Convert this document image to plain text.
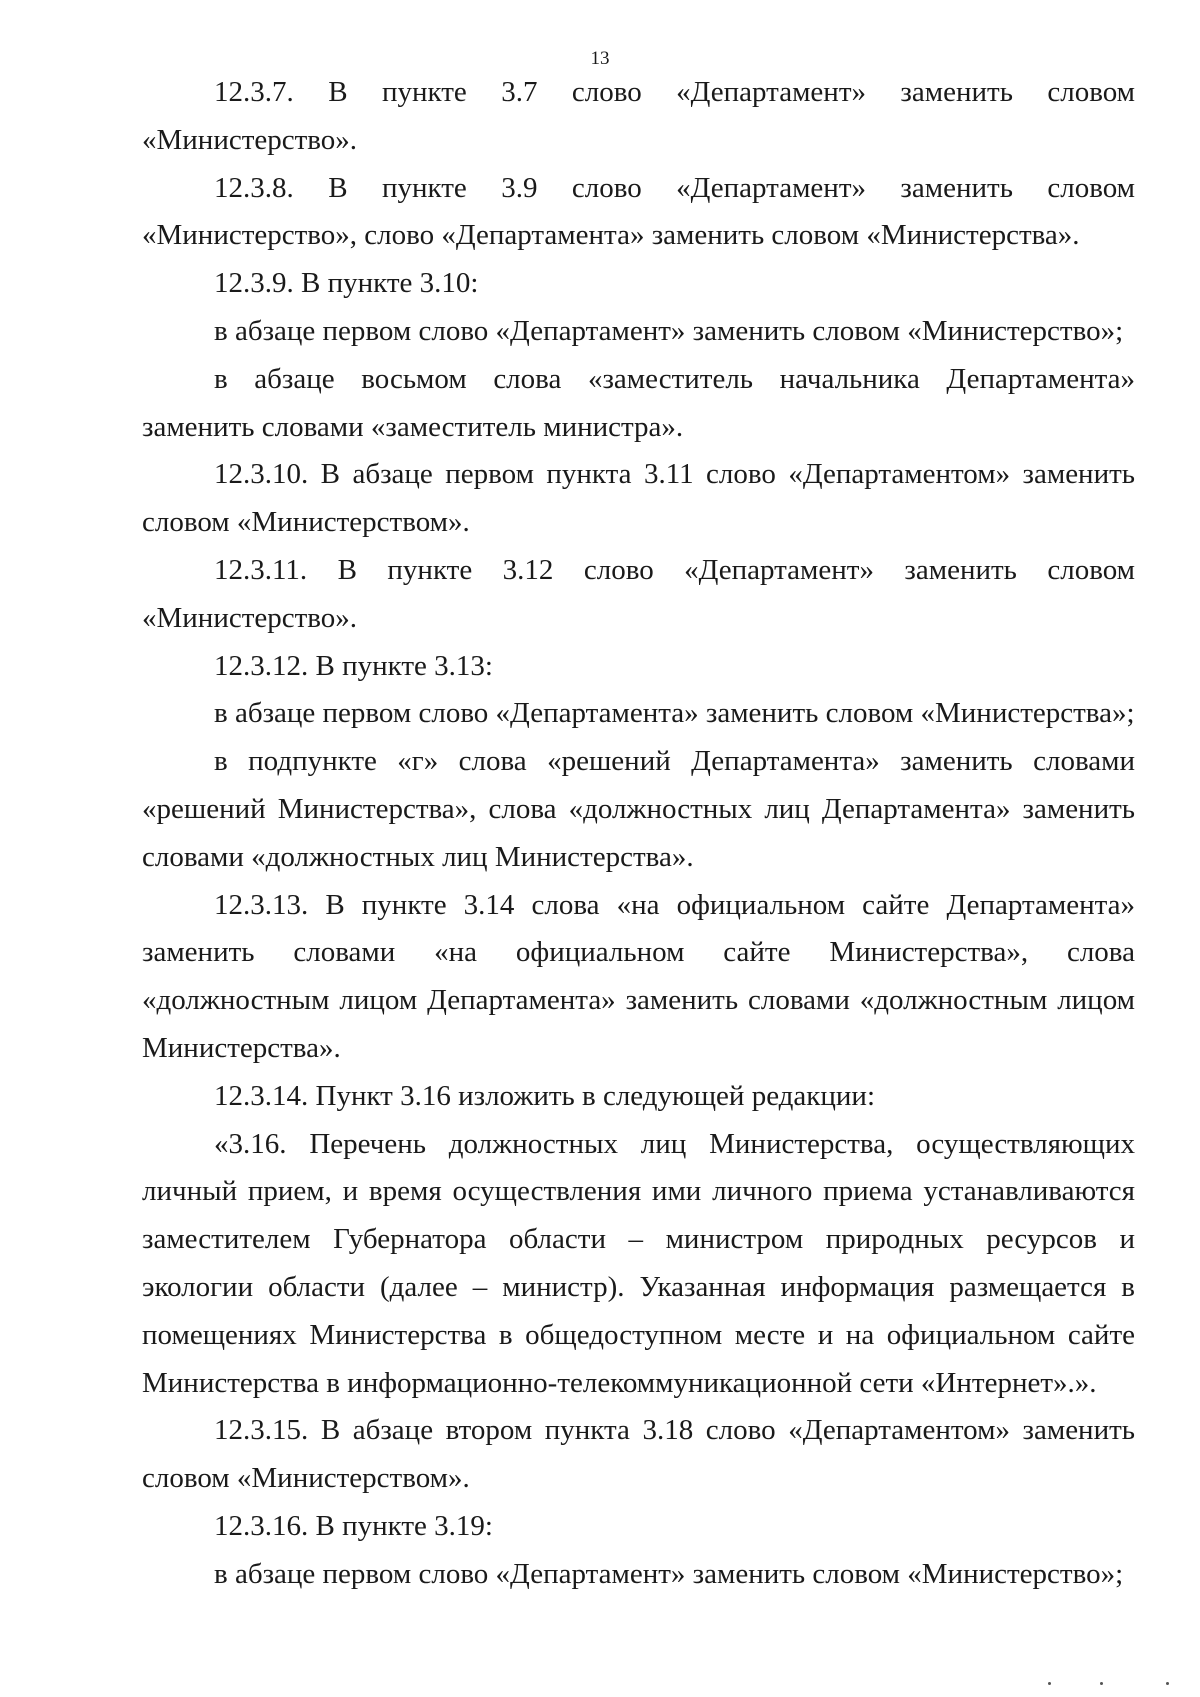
13

12.3.7. В пункте 3.7 слово «Департамент» заменить словом «Министерство».

12.3.8. В пункте 3.9 слово «Департамент» заменить словом «Министерство», слово «Департамента» заменить словом «Министерства».

12.3.9. В пункте 3.10:

в абзаце первом слово «Департамент» заменить словом «Министерство»;

в абзаце восьмом слова «заместитель начальника Департамента» заменить словами «заместитель министра».

12.3.10. В абзаце первом пункта 3.11 слово «Департаментом» заменить словом «Министерством».

12.3.11. В пункте 3.12 слово «Департамент» заменить словом «Министерство».

12.3.12. В пункте 3.13:

в абзаце первом слово «Департамента» заменить словом «Министерства»;

в подпункте «г» слова «решений Департамента» заменить словами «решений Министерства», слова «должностных лиц Департамента» заменить словами «должностных лиц Министерства».

12.3.13. В пункте 3.14 слова «на официальном сайте Департамента» заменить словами «на официальном сайте Министерства», слова «должностным лицом Департамента» заменить словами «должностным лицом Министерства».

12.3.14. Пункт 3.16 изложить в следующей редакции:

«3.16. Перечень должностных лиц Министерства, осуществляющих личный прием, и время осуществления ими личного приема устанавливаются заместителем Губернатора области – министром природных ресурсов и экологии области (далее – министр). Указанная информация размещается в помещениях Министерства в общедоступном месте и на официальном сайте Министерства в информационно-телекоммуникационной сети «Интернет».».

12.3.15. В абзаце втором пункта 3.18 слово «Департаментом» заменить словом «Министерством».

12.3.16. В пункте 3.19:

в абзаце первом слово «Департамент» заменить словом «Министерство»;
